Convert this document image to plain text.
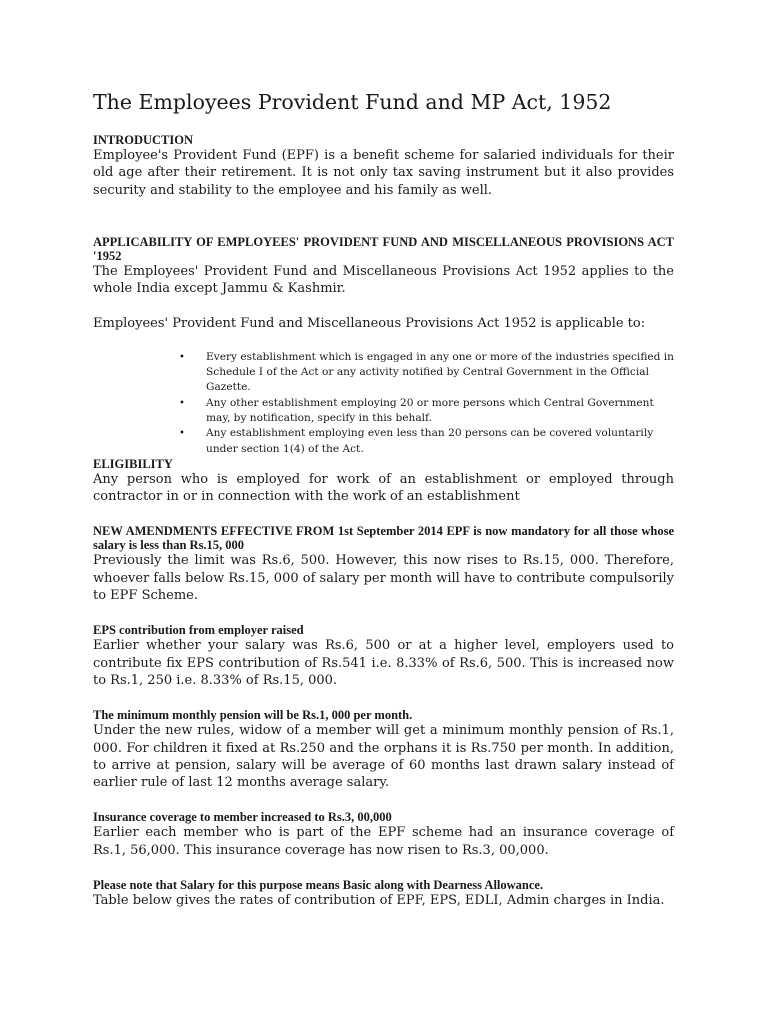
The Employees Provident Fund and MP Act, 1952
INTRODUCTION

Employee's Provident Fund (EPF) is a benefit scheme for salaried individuals for their old age after their retirement. It is not only tax saving instrument but it also provides security and stability to the employee and his family as well.

APPLICABILITY OF EMPLOYEES' PROVIDENT FUND AND MISCELLANEOUS PROVISIONS ACT '1952

The Employees' Provident Fund and Miscellaneous Provisions Act 1952 applies to the whole India except Jammu & Kashmir.

Employees' Provident Fund and Miscellaneous Provisions Act 1952 is applicable to:

• Every establishment which is engaged in any one or more of the industries specified in Schedule I of the Act or any activity notified by Central Government in the Official Gazette.
• Any other establishment employing 20 or more persons which Central Government may, by notification, specify in this behalf.
• Any establishment employing even less than 20 persons can be covered voluntarily under section 1(4) of the Act.
ELIGIBILITY

Any person who is employed for work of an establishment or employed through contractor in or in connection with the work of an establishment

NEW AMENDMENTS EFFECTIVE FROM 1st September 2014 EPF is now mandatory for all those whose salary is less than Rs.15, 000

Previously the limit was Rs.6, 500. However, this now rises to Rs.15, 000. Therefore, whoever falls below Rs.15, 000 of salary per month will have to contribute compulsorily to EPF Scheme.

EPS contribution from employer raised

Earlier whether your salary was Rs.6, 500 or at a higher level, employers used to contribute fix EPS contribution of Rs.541 i.e. 8.33% of Rs.6, 500. This is increased now to Rs.1, 250 i.e. 8.33% of Rs.15, 000.

The minimum monthly pension will be Rs.1, 000 per month.

Under the new rules, widow of a member will get a minimum monthly pension of Rs.1, 000. For children it fixed at Rs.250 and the orphans it is Rs.750 per month. In addition, to arrive at pension, salary will be average of 60 months last drawn salary instead of earlier rule of last 12 months average salary.

Insurance coverage to member increased to Rs.3, 00,000

Earlier each member who is part of the EPF scheme had an insurance coverage of Rs.1, 56,000. This insurance coverage has now risen to Rs.3, 00,000.

Please note that Salary for this purpose means Basic along with Dearness Allowance.

Table below gives the rates of contribution of EPF, EPS, EDLI, Admin charges in India.
